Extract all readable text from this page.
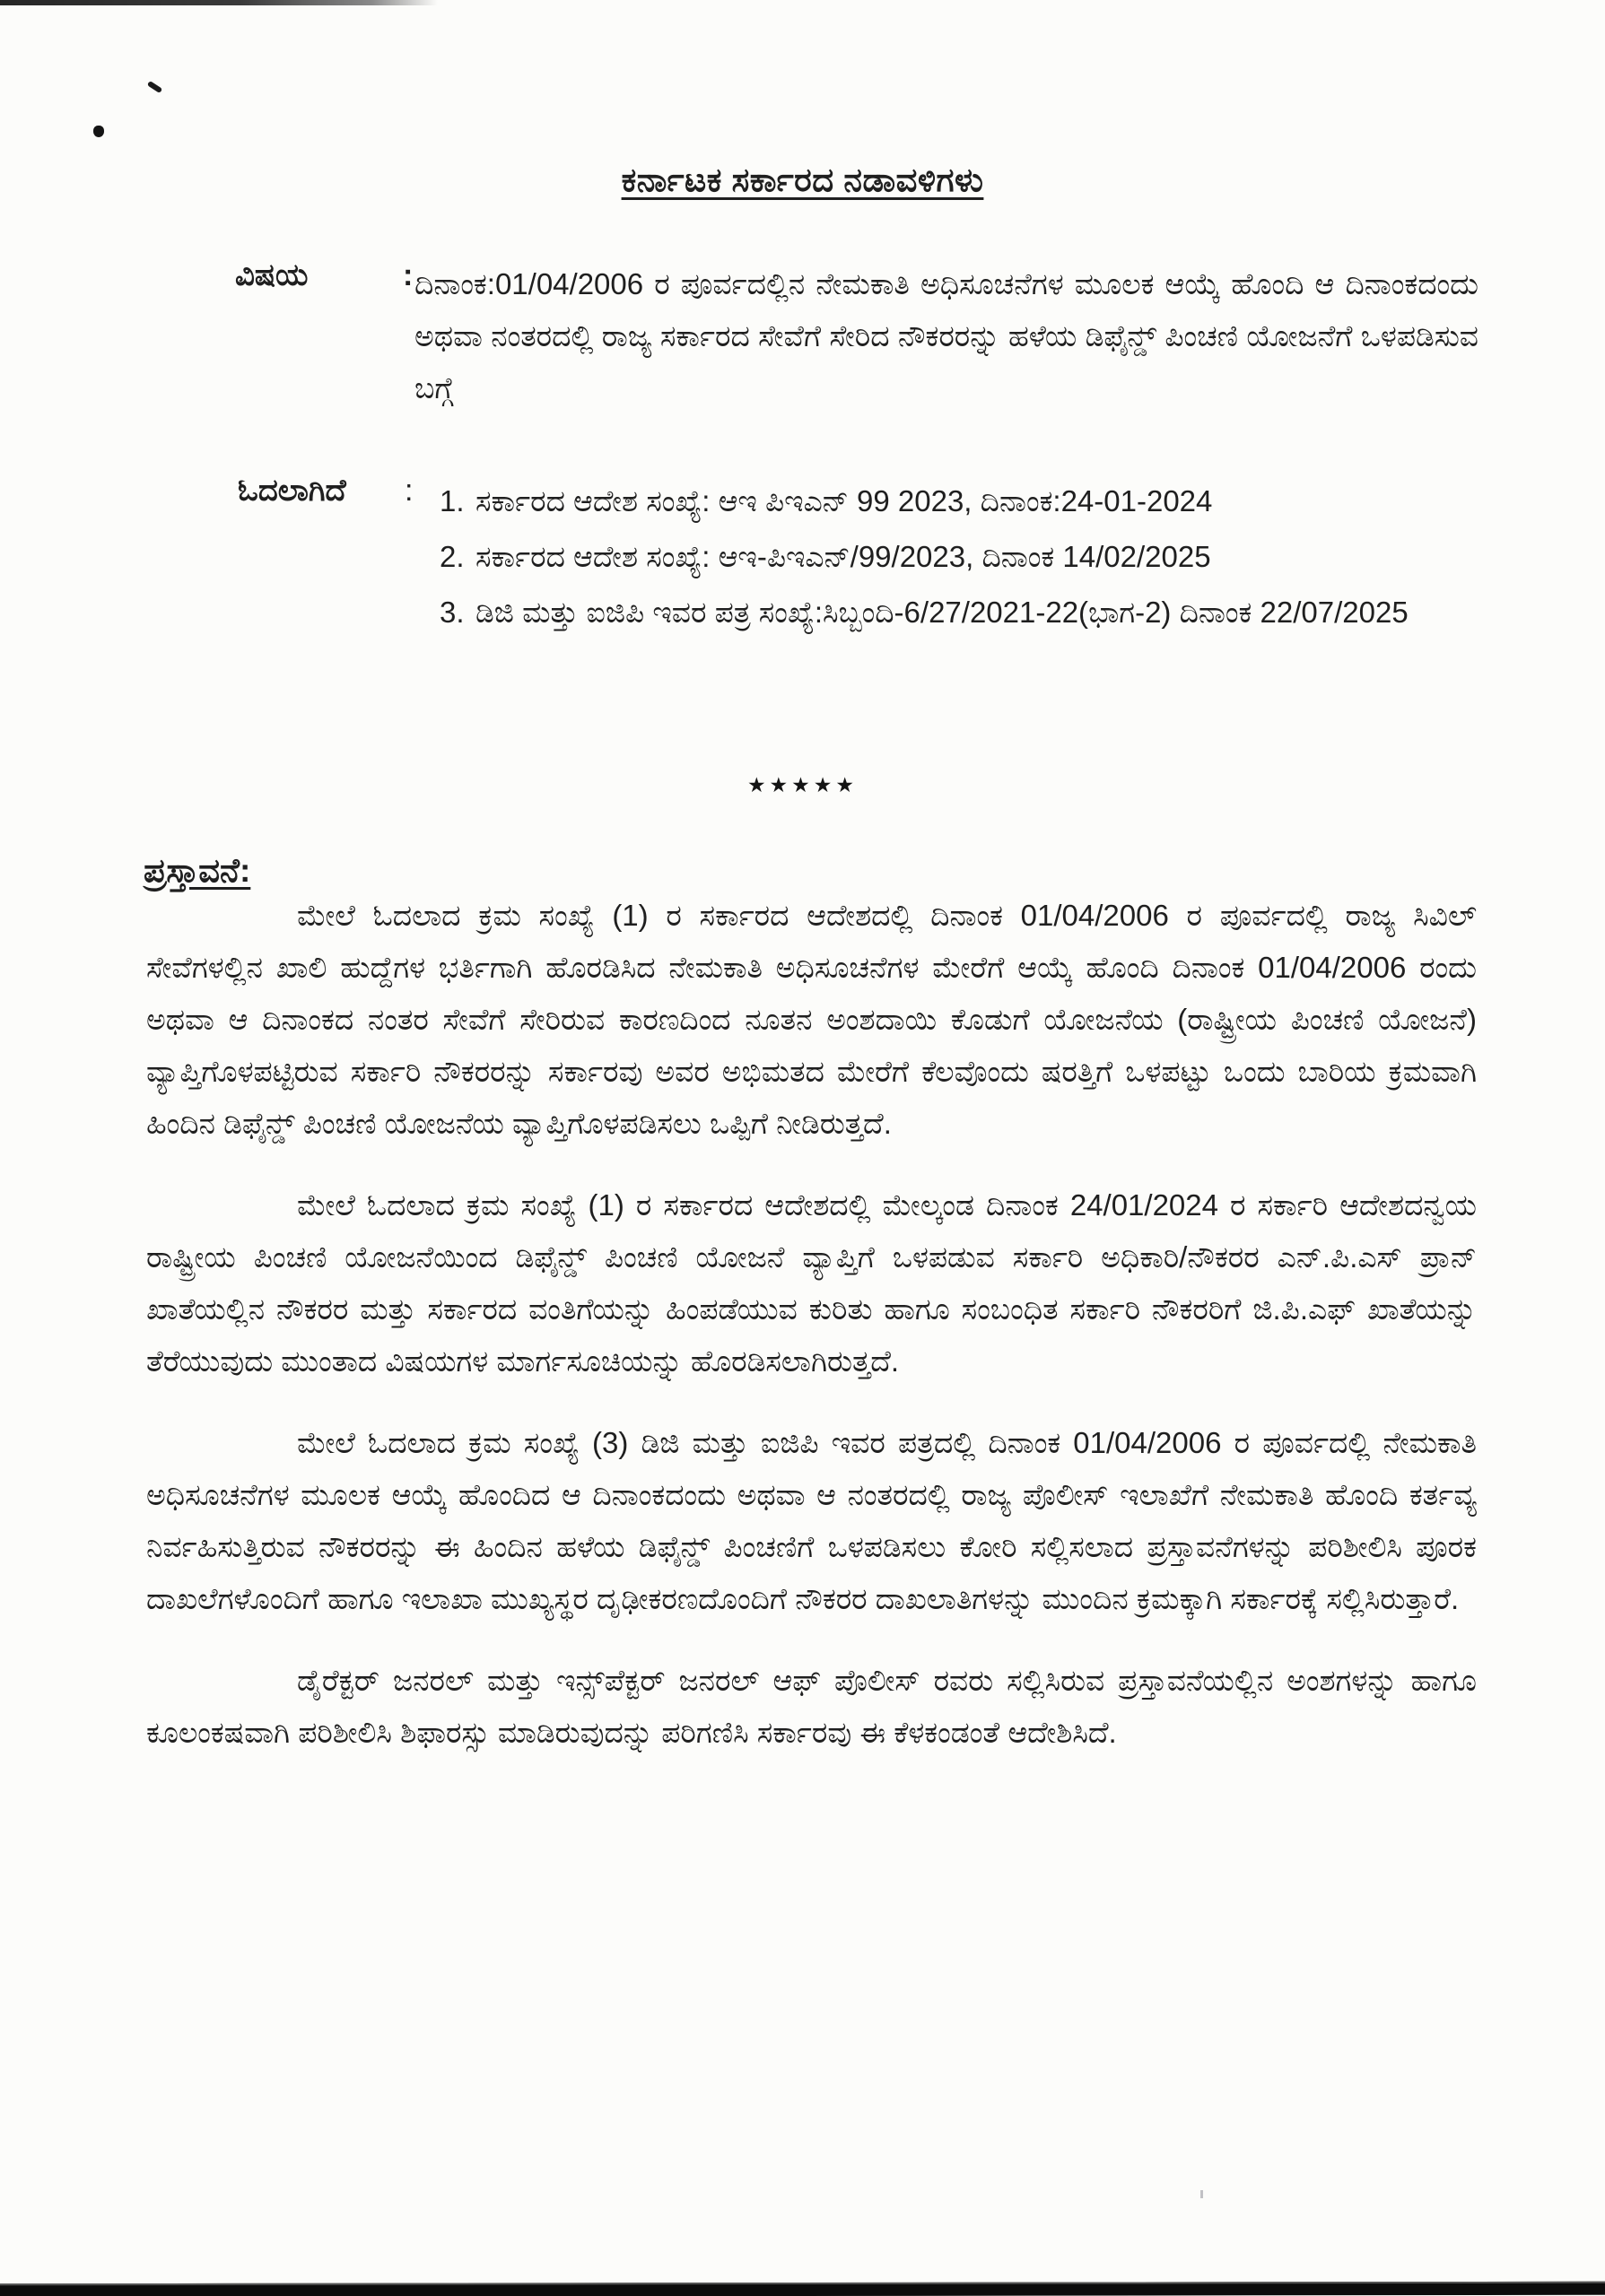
ಕರ್ನಾಟಕ ಸರ್ಕಾರದ ನಡಾವಳಿಗಳು
ವಿಷಯ	: ದಿನಾಂಕ:01/04/2006 ರ ಪೂರ್ವದಲ್ಲಿನ ನೇಮಕಾತಿ ಅಧಿಸೂಚನೆಗಳ ಮೂಲಕ ಆಯ್ಕೆ ಹೊಂದಿ ಆ ದಿನಾಂಕದಂದು ಅಥವಾ ನಂತರದಲ್ಲಿ ರಾಜ್ಯ ಸರ್ಕಾರದ ಸೇವೆಗೆ ಸೇರಿದ ನೌಕರರನ್ನು ಹಳೆಯ ಡಿಫೈನ್ಡ್ ಪಿಂಚಣಿ ಯೋಜನೆಗೆ ಒಳಪಡಿಸುವ ಬಗ್ಗೆ
ಓದಲಾಗಿದೆ : 1. ಸರ್ಕಾರದ ಆದೇಶ ಸಂಖ್ಯೆ: ಆಇ ಪಿಇಎನ್ 99 2023, ದಿನಾಂಕ:24-01-2024
2. ಸರ್ಕಾರದ ಆದೇಶ ಸಂಖ್ಯೆ: ಆಇ-ಪಿಇಎನ್/99/2023, ದಿನಾಂಕ 14/02/2025
3. ಡಿಜಿ ಮತ್ತು ಐಜಿಪಿ ಇವರ ಪತ್ರ ಸಂಖ್ಯೆ:ಸಿಬ್ಬಂದಿ-6/27/2021-22(ಭಾಗ-2) ದಿನಾಂಕ 22/07/2025
★★★★★
ಪ್ರಸ್ತಾವನೆ:

ಮೇಲೆ ಓದಲಾದ ಕ್ರಮ ಸಂಖ್ಯೆ (1) ರ ಸರ್ಕಾರದ ಆದೇಶದಲ್ಲಿ ದಿನಾಂಕ 01/04/2006 ರ ಪೂರ್ವದಲ್ಲಿ ರಾಜ್ಯ ಸಿವಿಲ್ ಸೇವೆಗಳಲ್ಲಿನ ಖಾಲಿ ಹುದ್ದೆಗಳ ಭರ್ತಿಗಾಗಿ ಹೊರಡಿಸಿದ ನೇಮಕಾತಿ ಅಧಿಸೂಚನೆಗಳ ಮೇರೆಗೆ ಆಯ್ಕೆ ಹೊಂದಿ ದಿನಾಂಕ 01/04/2006 ರಂದು ಅಥವಾ ಆ ದಿನಾಂಕದ ನಂತರ ಸೇವೆಗೆ ಸೇರಿರುವ ಕಾರಣದಿಂದ ನೂತನ ಅಂಶದಾಯಿ ಕೊಡುಗೆ ಯೋಜನೆಯ (ರಾಷ್ಟ್ರೀಯ ಪಿಂಚಣಿ ಯೋಜನೆ) ವ್ಯಾಪ್ತಿಗೊಳಪಟ್ಟಿರುವ ಸರ್ಕಾರಿ ನೌಕರರನ್ನು ಸರ್ಕಾರವು ಅವರ ಅಭಿಮತದ ಮೇರೆಗೆ ಕೆಲವೊಂದು ಷರತ್ತಿಗೆ ಒಳಪಟ್ಟು ಒಂದು ಬಾರಿಯ ಕ್ರಮವಾಗಿ ಹಿಂದಿನ ಡಿಫೈನ್ಡ್ ಪಿಂಚಣಿ ಯೋಜನೆಯ ವ್ಯಾಪ್ತಿಗೊಳಪಡಿಸಲು ಒಪ್ಪಿಗೆ ನೀಡಿರುತ್ತದೆ.

ಮೇಲೆ ಓದಲಾದ ಕ್ರಮ ಸಂಖ್ಯೆ (1) ರ ಸರ್ಕಾರದ ಆದೇಶದಲ್ಲಿ ಮೇಲ್ಕಂಡ ದಿನಾಂಕ 24/01/2024 ರ ಸರ್ಕಾರಿ ಆದೇಶದನ್ವಯ ರಾಷ್ಟ್ರೀಯ ಪಿಂಚಣಿ ಯೋಜನೆಯಿಂದ ಡಿಫೈನ್ಡ್ ಪಿಂಚಣಿ ಯೋಜನೆ ವ್ಯಾಪ್ತಿಗೆ ಒಳಪಡುವ ಸರ್ಕಾರಿ ಅಧಿಕಾರಿ/ನೌಕರರ ಎನ್.ಪಿ.ಎಸ್ ಪ್ರಾನ್ ಖಾತೆಯಲ್ಲಿನ ನೌಕರರ ಮತ್ತು ಸರ್ಕಾರದ ವಂತಿಗೆಯನ್ನು ಹಿಂಪಡೆಯುವ ಕುರಿತು ಹಾಗೂ ಸಂಬಂಧಿತ ಸರ್ಕಾರಿ ನೌಕರರಿಗೆ ಜಿ.ಪಿ.ಎಫ್ ಖಾತೆಯನ್ನು ತೆರೆಯುವುದು ಮುಂತಾದ ವಿಷಯಗಳ ಮಾರ್ಗಸೂಚಿಯನ್ನು ಹೊರಡಿಸಲಾಗಿರುತ್ತದೆ.

ಮೇಲೆ ಓದಲಾದ ಕ್ರಮ ಸಂಖ್ಯೆ (3) ಡಿಜಿ ಮತ್ತು ಐಜಿಪಿ ಇವರ ಪತ್ರದಲ್ಲಿ ದಿನಾಂಕ 01/04/2006 ರ ಪೂರ್ವದಲ್ಲಿ ನೇಮಕಾತಿ ಅಧಿಸೂಚನೆಗಳ ಮೂಲಕ ಆಯ್ಕೆ ಹೊಂದಿದ ಆ ದಿನಾಂಕದಂದು ಅಥವಾ ಆ ನಂತರದಲ್ಲಿ ರಾಜ್ಯ ಪೊಲೀಸ್ ಇಲಾಖೆಗೆ ನೇಮಕಾತಿ ಹೊಂದಿ ಕರ್ತವ್ಯ ನಿರ್ವಹಿಸುತ್ತಿರುವ ನೌಕರರನ್ನು ಈ ಹಿಂದಿನ ಹಳೆಯ ಡಿಫೈನ್ಡ್ ಪಿಂಚಣಿಗೆ ಒಳಪಡಿಸಲು ಕೋರಿ ಸಲ್ಲಿಸಲಾದ ಪ್ರಸ್ತಾವನೆಗಳನ್ನು ಪರಿಶೀಲಿಸಿ ಪೂರಕ ದಾಖಲೆಗಳೊಂದಿಗೆ ಹಾಗೂ ಇಲಾಖಾ ಮುಖ್ಯಸ್ಥರ ದೃಢೀಕರಣದೊಂದಿಗೆ ನೌಕರರ ದಾಖಲಾತಿಗಳನ್ನು ಮುಂದಿನ ಕ್ರಮಕ್ಕಾಗಿ ಸರ್ಕಾರಕ್ಕೆ ಸಲ್ಲಿಸಿರುತ್ತಾರೆ.

ಡೈರೆಕ್ಟರ್ ಜನರಲ್ ಮತ್ತು ಇನ್ಸ್‌ಪೆಕ್ಟರ್ ಜನರಲ್ ಆಫ್ ಪೊಲೀಸ್ ರವರು ಸಲ್ಲಿಸಿರುವ ಪ್ರಸ್ತಾವನೆಯಲ್ಲಿನ ಅಂಶಗಳನ್ನು ಹಾಗೂ ಕೂಲಂಕಷವಾಗಿ ಪರಿಶೀಲಿಸಿ ಶಿಫಾರಸ್ಸು ಮಾಡಿರುವುದನ್ನು ಪರಿಗಣಿಸಿ ಸರ್ಕಾರವು ಈ ಕೆಳಕಂಡಂತೆ ಆದೇಶಿಸಿದೆ.
